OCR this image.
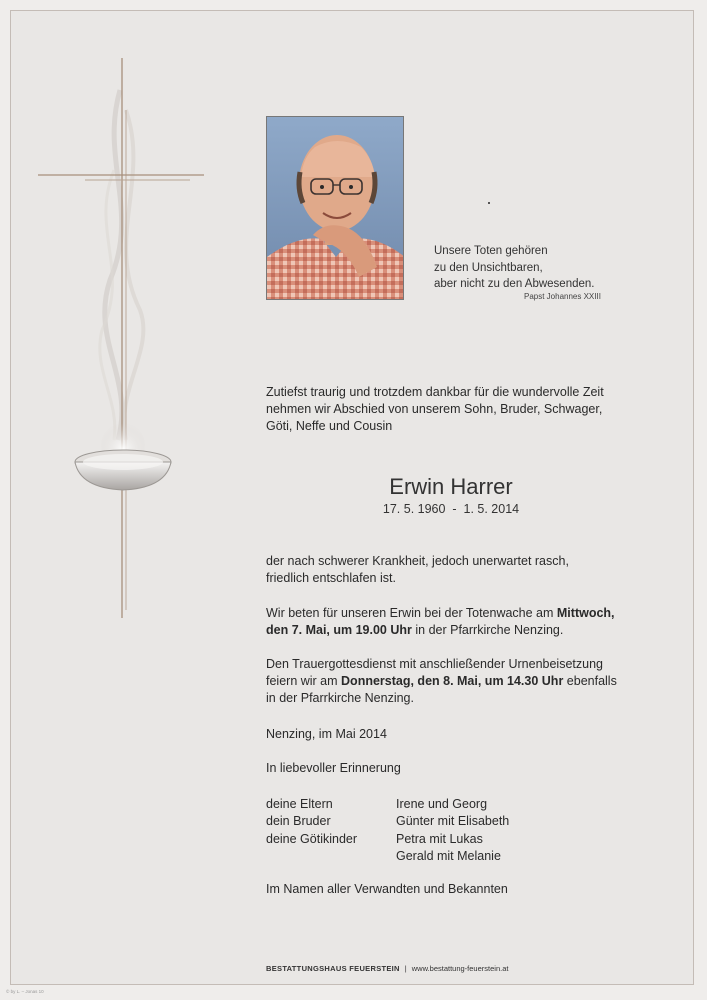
Unsere Toten gehören
zu den Unsichtbaren,
aber nicht zu den Abwesenden.
Papst Johannes XXIII
Zutiefst traurig und trotzdem dankbar für die wundervolle Zeit
nehmen wir Abschied von unserem Sohn, Bruder, Schwager,
Göti, Neffe und Cousin
Erwin Harrer
17. 5. 1960  -  1. 5. 2014
der nach schwerer Krankheit, jedoch unerwartet rasch,
friedlich entschlafen ist.
Wir beten für unseren Erwin bei der Totenwache am Mittwoch,
den 7. Mai, um 19.00 Uhr in der Pfarrkirche Nenzing.
Den Trauergottesdienst mit anschließender Urnenbeisetzung
feiern wir am Donnerstag, den 8. Mai, um 14.30 Uhr ebenfalls
in der Pfarrkirche Nenzing.
Nenzing, im Mai 2014
In liebevoller Erinnerung
deine Eltern
dein Bruder
deine Götikinder
Irene und Georg
Günter mit Elisabeth
Petra mit Lukas
Gerald mit Melanie
Im Namen aller Verwandten und Bekannten
BESTATTUNGSHAUS FEUERSTEIN | www.bestattung-feuerstein.at
© by L. – Jonas 10
